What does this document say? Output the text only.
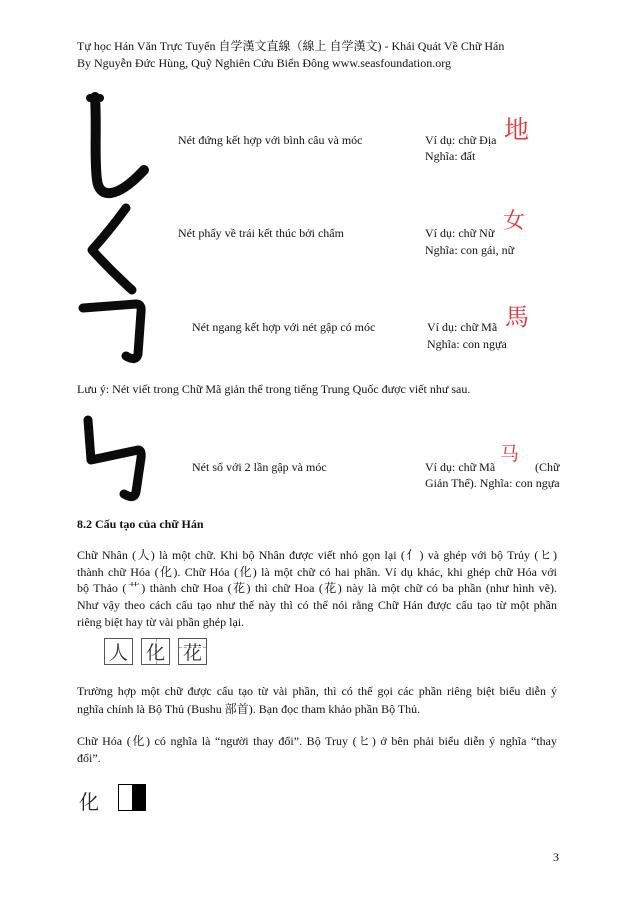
Tự học Hán Văn Trực Tuyến 自学漢文直線（線上 自学漢文) - Khái Quát Về Chữ Hán
By Nguyễn Đức Hùng, Quỹ Nghiên Cứu Biển Đông www.seasfoundation.org
Nét đứng kết hợp với bình câu và móc	Ví dụ: chữ Địa 地
Nghĩa: đất
Nét phẩy về trái kết thúc bởi chấm	Ví dụ: chữ Nữ 女
Nghĩa: con gái, nữ
Nét ngang kết hợp với nét gập có móc	Ví dụ: chữ Mã 馬
Nghĩa: con ngựa
Lưu ý: Nét viết trong Chữ Mã giản thể trong tiếng Trung Quốc được viết như sau.
Nét sổ với 2 lần gập và móc	Ví dụ: chữ Mã
马
(Chữ
Giản Thể). Nghĩa: con ngựa
8.2 Cấu tạo của chữ Hán
Chữ Nhân (人) là một chữ. Khi bộ Nhân được viết nhỏ gọn lại (亻) và ghép với bộ Trủy (ヒ)
thành chữ Hóa (化). Chữ Hóa (化) là một chữ có hai phần. Ví dụ khác, khi ghép chữ Hóa với
bộ Thảo (艹) thành chữ Hoa (花) thì chữ Hoa (花) này là một chữ có ba phần (như hình vẽ).
Như vậy theo cách cấu tạo như thế này thì có thể nói rằng Chữ Hán được cấu tạo từ một phần
riêng biệt hay từ vài phần ghép lại.
人 化 花
Trường hợp một chữ được cấu tạo từ vài phần, thì có thể gọi các phần riêng biệt biểu diễn ý
nghĩa chính là Bộ Thủ (Bushu 部首). Bạn đọc tham khảo phần Bộ Thủ.
Chữ Hóa (化) có nghĩa là “người thay đổi”. Bộ Truy (ヒ) ở bên phải biểu diễn ý nghĩa “thay
đổi”.
化
3
